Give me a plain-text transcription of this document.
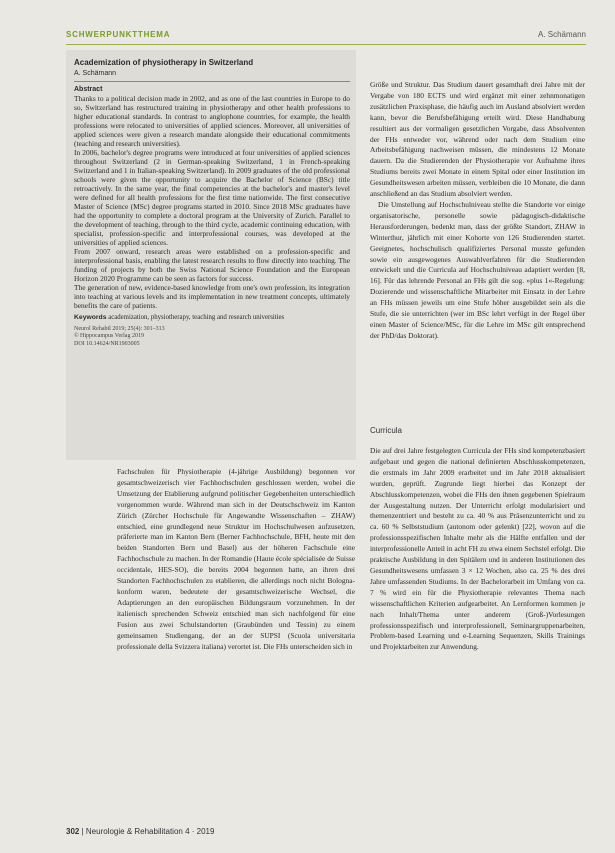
SCHWERPUNKTTHEMA	A. Schämann
Academization of physiotherapy in Switzerland
A. Schämann
Abstract

Thanks to a political decision made in 2002, and as one of the last countries in Europe to do so, Switzerland has restructured training in physiotherapy and other health professions to higher educational standards. In contrast to anglophone countries, for example, the health professions were relocated to universities of applied sciences. Moreover, all universities of applied sciences were given a research mandate alongside their educational commitments (teaching and research universities).

In 2006, bachelor's degree programs were introduced at four universities of applied sciences throughout Switzerland (2 in German-speaking Switzerland, 1 in French-speaking Switzerland and 1 in Italian-speaking Switzerland). In 2009 graduates of the old professional schools were given the opportunity to acquire the Bachelor of Science (BSc) title retroactively. In the same year, the final competencies at the bachelor's and master's level were defined for all health professions for the first time nationwide. The first consecutive Master of Science (MSc) degree programs started in 2010. Since 2018 MSc graduates have had the opportunity to complete a doctoral program at the University of Zurich. Parallel to the development of teaching, through to the third cycle, academic continuing education, with specialist, profession-specific and interprofessional courses, was developed at the universities of applied sciences.

From 2007 onward, research areas were established on a profession-specific and interprofessional basis, enabling the latest research results to flow directly into teaching. The funding of projects by both the Swiss National Science Foundation and the European Horizon 2020 Programme can be seen as factors for success.

The generation of new, evidence-based knowledge from one's own profession, its integration into teaching at various levels and its implementation in new treatment concepts, ultimately benefits the care of patients.

Keywords academization, physiotherapy, teaching and research universities

Neurol Rehabil 2019; 25(4): 301–313

© Hippocampus Verlag 2019

DOI 10.14624/NR1903005

Größe und Struktur. Das Studium dauert gesamthaft drei Jahre mit der Vergabe von 180 ECTS und wird ergänzt mit einer zehnmonatigen zusätzlichen Praxisphase, die häufig auch im Ausland absolviert werden kann, bevor die Berufsbefähigung erteilt wird. Diese Handhabung resultiert aus der vormaligen gesetzlichen Vorgabe, dass Absolventen der FHs entweder vor, während oder nach dem Studium eine Arbeitsbefähigung nachweisen müssen, die mindestens 12 Monate dauern. Da die Studierenden der Physiotherapie vor Aufnahme ihres Studiums bereits zwei Monate in einem Spital oder einer Institution im Gesundheitswesen arbeiten müssen, verbleiben die 10 Monate, die dann anschließend an das Studium absolviert werden.

Die Umstellung auf Hochschulniveau stellte die Standorte vor einige organisatorische, personelle sowie pädagogisch-didaktische Herausforderungen, bedenkt man, dass der größte Standort, ZHAW in Winterthur, jährlich mit einer Kohorte von 126 Studierenden startet. Geeignetes, hochschulisch qualifiziertes Personal musste gefunden sowie ein ausgewogenes Auswahlverfahren für die Studierenden entwickelt und die Curricula auf Hochschulniveau adaptiert werden [8, 16]. Für das lehrende Personal an FHs gilt die sog. »plus 1«-Regelung: Dozierende und wissenschaftliche Mitarbeiter mit Einsatz in der Lehre an FHs müssen jeweils um eine Stufe höher ausgebildet sein als die Stufe, die sie unterrichten (wer im BSc lehrt verfügt in der Regel über einen Master of Science/MSc, für die Lehre im MSc gilt entsprechend der PhD/das Doktorat).

Curricula

Die auf drei Jahre festgelegten Curricula der FHs sind kompetenzbasiert aufgebaut und gegen die national definierten Abschlusskompetenzen, die erstmals im Jahr 2009 erarbeitet und im Jahr 2018 aktualisiert wurden, geprüft. Zugrunde liegt hierbei das Konzept der Abschlusskompetenzen, wobei die FHs den ihnen gegebenen Spielraum der Ausgestaltung nutzen. Der Unterricht erfolgt modularisiert und themenzentriert und besteht zu ca. 40 % aus Präsenzunterricht und zu ca. 60 % Selbststudium (autonom oder gelenkt) [22], wovon auf die professionsspezifischen Inhalte mehr als die Hälfte entfallen und der interprofessionelle Anteil in acht FH zu etwa einem Sechstel erfolgt. Die praktische Ausbildung in den Spitälern und in anderen Institutionen des Gesundheitswesens umfassen 3 × 12 Wochen, also ca. 25 % des drei Jahre umfassenden Studiums. In der Bachelorarbeit im Umfang von ca. 7 % wird ein für die Physiotherapie relevantes Thema nach wissenschaftlichen Kriterien aufgearbeitet. An Lernformen kommen je nach Inhalt/Thema unter anderem (Groß-)Vorlesungen professionsspezifisch und interprofessionell, Seminargruppenarbeiten, Problem-based Learning und e-Learning Sequenzen, Skills Trainings und Projektarbeiten zur Anwendung.

Fachschulen für Physiotherapie (4-jährige Ausbildung) begonnen vor gesamtschweizerisch vier Fachhochschulen geschlossen werden, wobei die Umsetzung der Etablierung aufgrund politischer Gegebenheiten unterschiedlich vorgenommen wurde. Während man sich in der Deutschschweiz im Kanton Zürich (Zürcher Hochschule für Angewandte Wissenschaften – ZHAW) entschied, eine grundlegend neue Struktur im Hochschulwesen aufzusetzen, präferierte man im Kanton Bern (Berner Fachhochschule, BFH, heute mit den beiden Standorten Bern und Basel) aus der höheren Fachschule eine Fachhochschule zu machen. In der Romandie (Haute école spécialisée de Suisse occidentale, HES-SO), die bereits 2004 begonnen hatte, an ihren drei Standorten Fachhochschulen zu etablieren, die allerdings noch nicht Bologna-konform waren, bedeutete der gesamtschweizerische Wechsel, die Adaptierungen an den europäischen Bildungsraum vorzunehmen. In der italienisch sprechenden Schweiz entschied man sich nachfolgend für eine Fusion aus zwei Schulstandorten (Graubünden und Tessin) zu einem gemeinsamen Studiengang, der an der SUPSI (Scuola universitaria professionale della Svizzera italiana) verortet ist. Die FHs unterscheiden sich in

302 | Neurologie & Rehabilitation 4 · 2019
